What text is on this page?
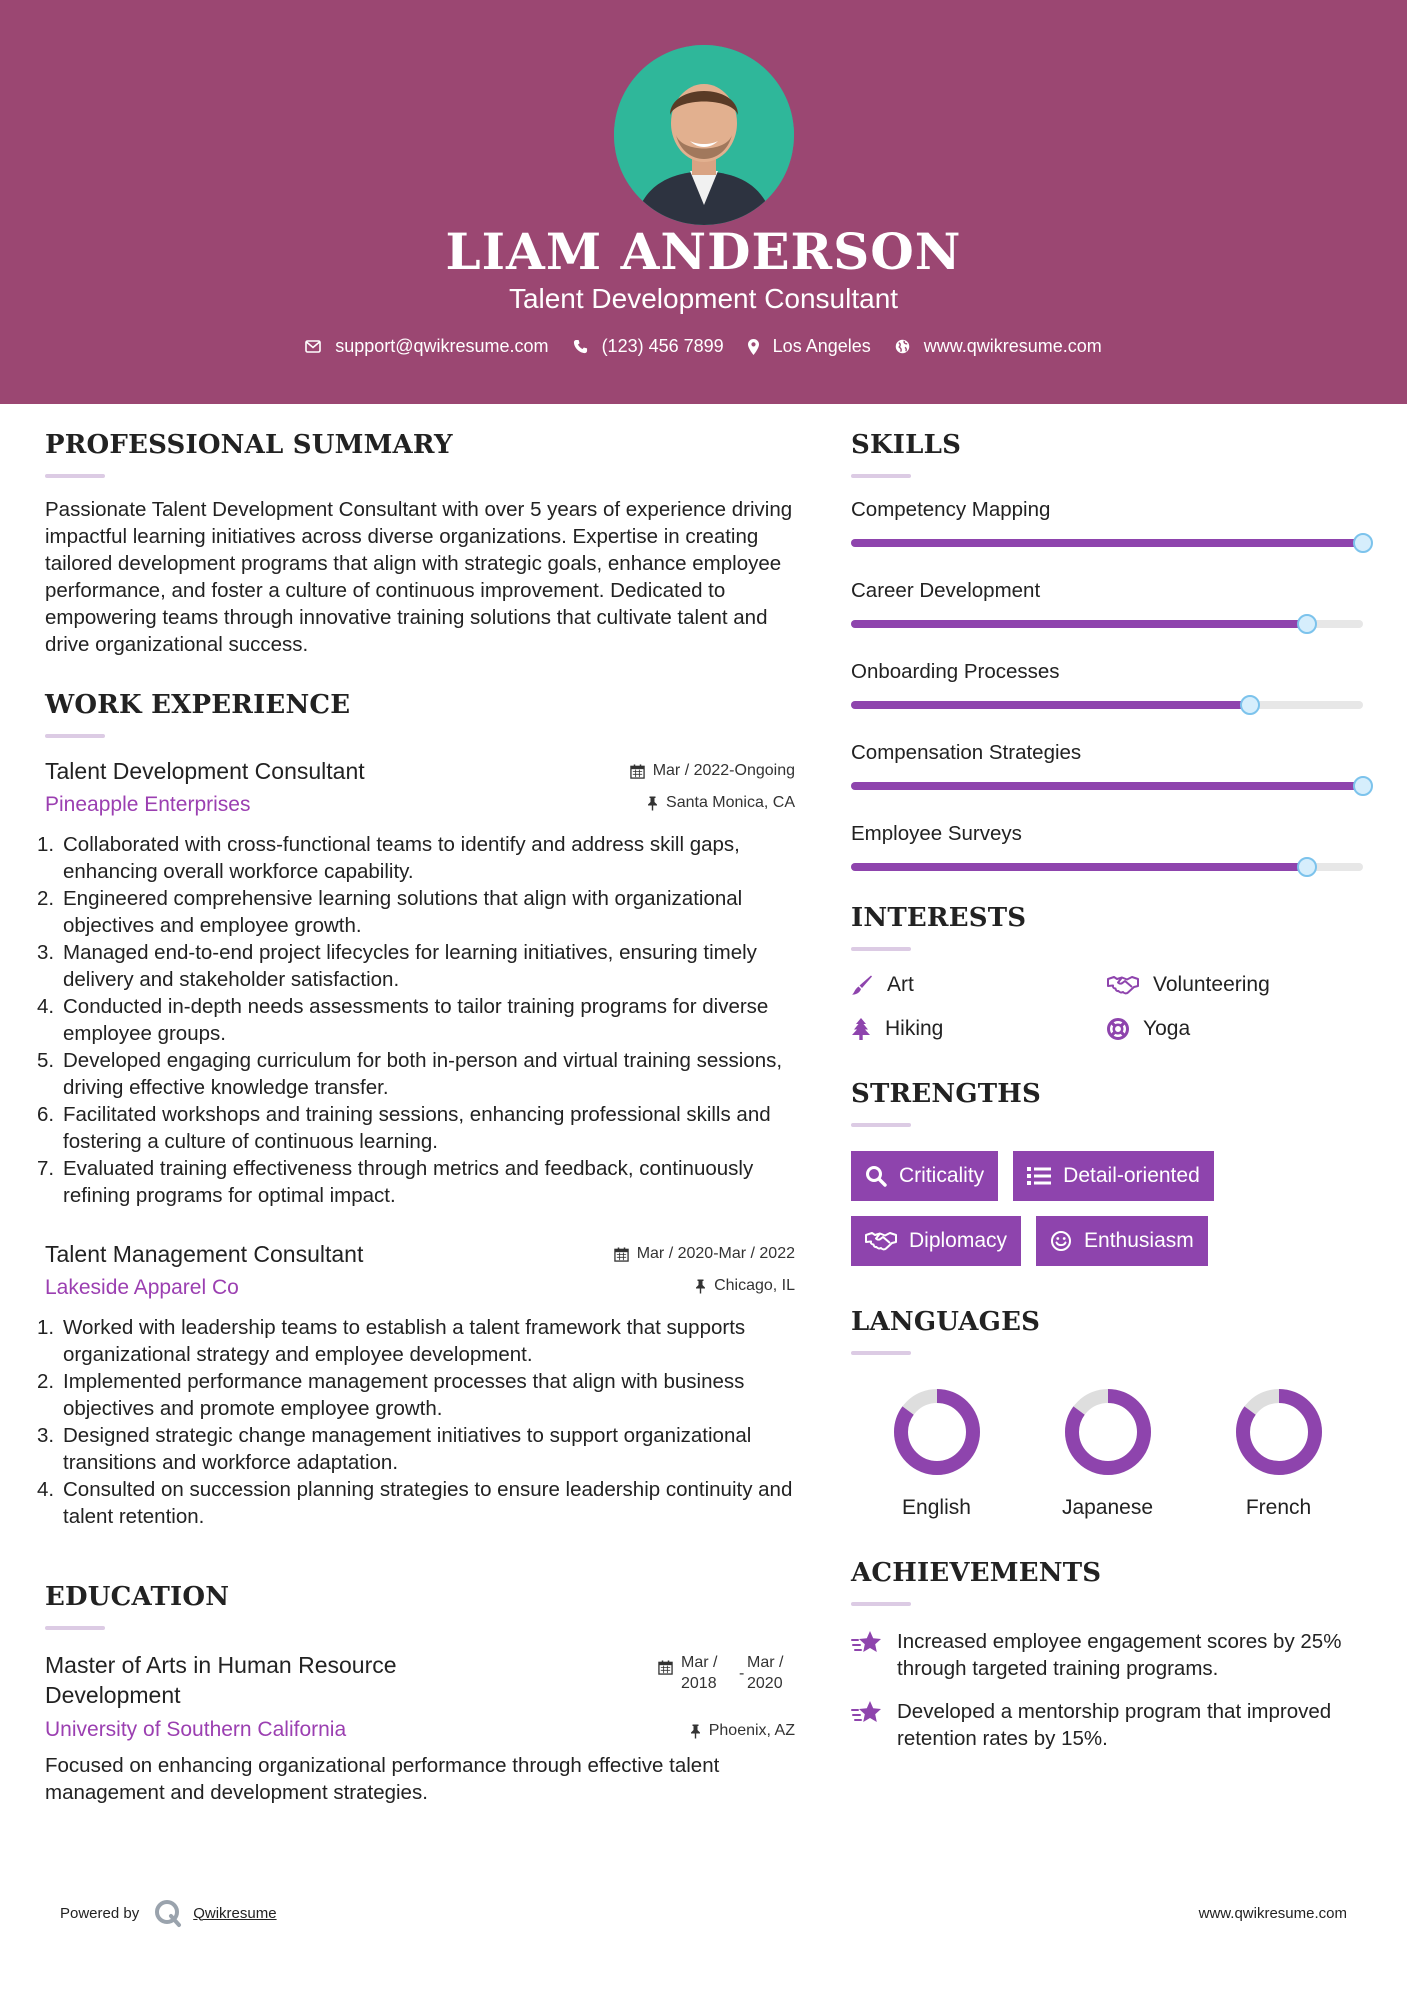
LIAM ANDERSON
Talent Development Consultant
support@qwikresume.com	(123) 456 7899	Los Angeles	www.qwikresume.com
PROFESSIONAL SUMMARY
Passionate Talent Development Consultant with over 5 years of experience driving impactful learning initiatives across diverse organizations. Expertise in creating tailored development programs that align with strategic goals, enhance employee performance, and foster a culture of continuous improvement. Dedicated to empowering teams through innovative training solutions that cultivate talent and drive organizational success.
WORK EXPERIENCE
Mar / 2022-Ongoing
Santa Monica, CA
Talent Development Consultant
Pineapple Enterprises
1. Collaborated with cross-functional teams to identify and address skill gaps, enhancing overall workforce capability.
2. Engineered comprehensive learning solutions that align with organizational objectives and employee growth.
3. Managed end-to-end project lifecycles for learning initiatives, ensuring timely delivery and stakeholder satisfaction.
4. Conducted in-depth needs assessments to tailor training programs for diverse employee groups.
5. Developed engaging curriculum for both in-person and virtual training sessions, driving effective knowledge transfer.
6. Facilitated workshops and training sessions, enhancing professional skills and fostering a culture of continuous learning.
7. Evaluated training effectiveness through metrics and feedback, continuously refining programs for optimal impact.
Mar / 2020-Mar / 2022
Chicago, IL
Talent Management Consultant
Lakeside Apparel Co
1. Worked with leadership teams to establish a talent framework that supports organizational strategy and employee development.
2. Implemented performance management processes that align with business objectives and promote employee growth.
3. Designed strategic change management initiatives to support organizational transitions and workforce adaptation.
4. Consulted on succession planning strategies to ensure leadership continuity and talent retention.
EDUCATION
Mar /
2018
-
Mar /
2020
Phoenix, AZ
Master of Arts in Human Resource
Development
University of Southern California
Focused on enhancing organizational performance through effective talent management and development strategies.
SKILLS
Competency Mapping
Career Development
Onboarding Processes
Compensation Strategies
Employee Surveys
INTERESTS
Art	Volunteering
Hiking	Yoga
STRENGTHS
Criticality	Detail-oriented
Diplomacy	Enthusiasm
LANGUAGES
English	Japanese	French
ACHIEVEMENTS
Increased employee engagement scores by 25% through targeted training programs.
Developed a mentorship program that improved retention rates by 15%.
Powered by	Qwikresume	www.qwikresume.com
